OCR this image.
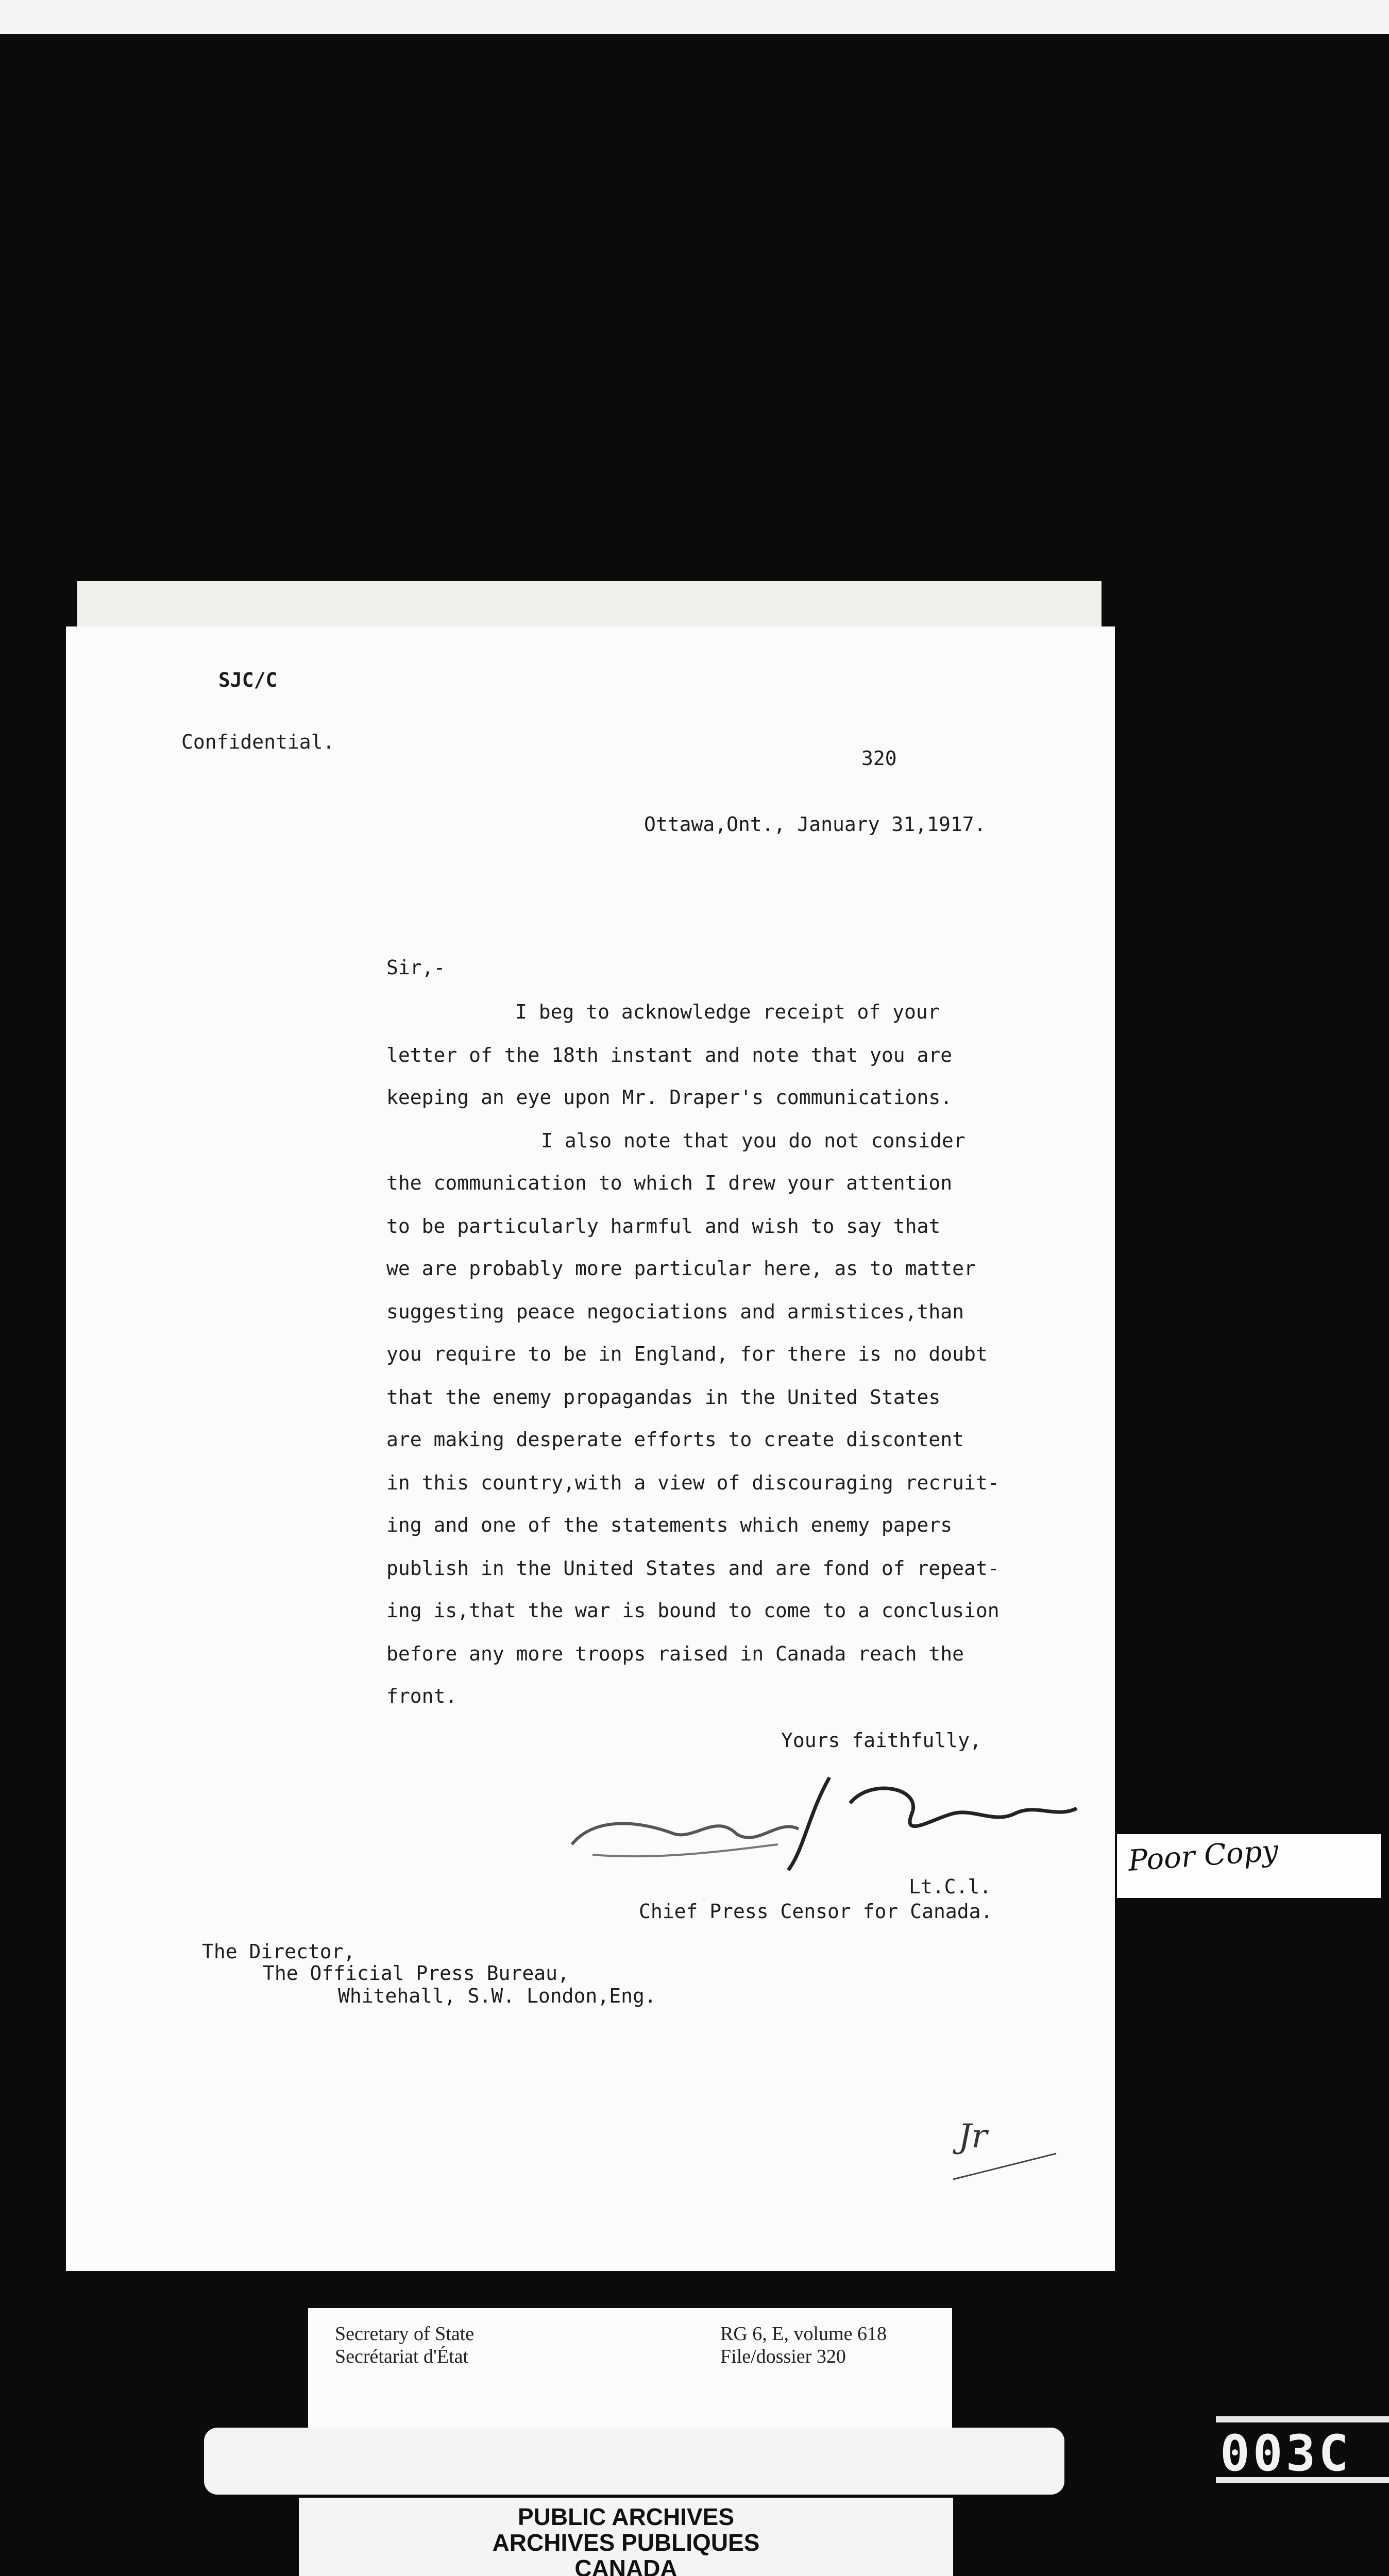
SJC/C
Confidential.
320
Ottawa,Ont., January 31,1917.
Sir,-
I beg to acknowledge receipt of your
letter of the 18th instant and note that you are
keeping an eye upon Mr. Draper's communications.
I also note that you do not consider
the communication to which I drew your attention
to be particularly harmful and wish to say that
we are probably more particular here, as to matter
suggesting peace negociations and armistices,than
you require to be in England, for there is no doubt
that the enemy propagandas in the United States
are making desperate efforts to create discontent
in this country,with a view of discouraging recruit-
ing and one of the statements which enemy papers
publish in the United States and are fond of repeat-
ing is,that the war is bound to come to a conclusion
before any more troops raised in Canada reach the
front.
Yours faithfully,
Lt.C.l.
Chief Press Censor for Canada.
The Director,
The Official Press Bureau,
Whitehall, S.W. London,Eng.
Jr
Poor Copy
Secretary of State
Secrétariat d'État
RG 6, E, volume 618
File/dossier 320
PUBLIC ARCHIVES
ARCHIVES PUBLIQUES
CANADA
003C
